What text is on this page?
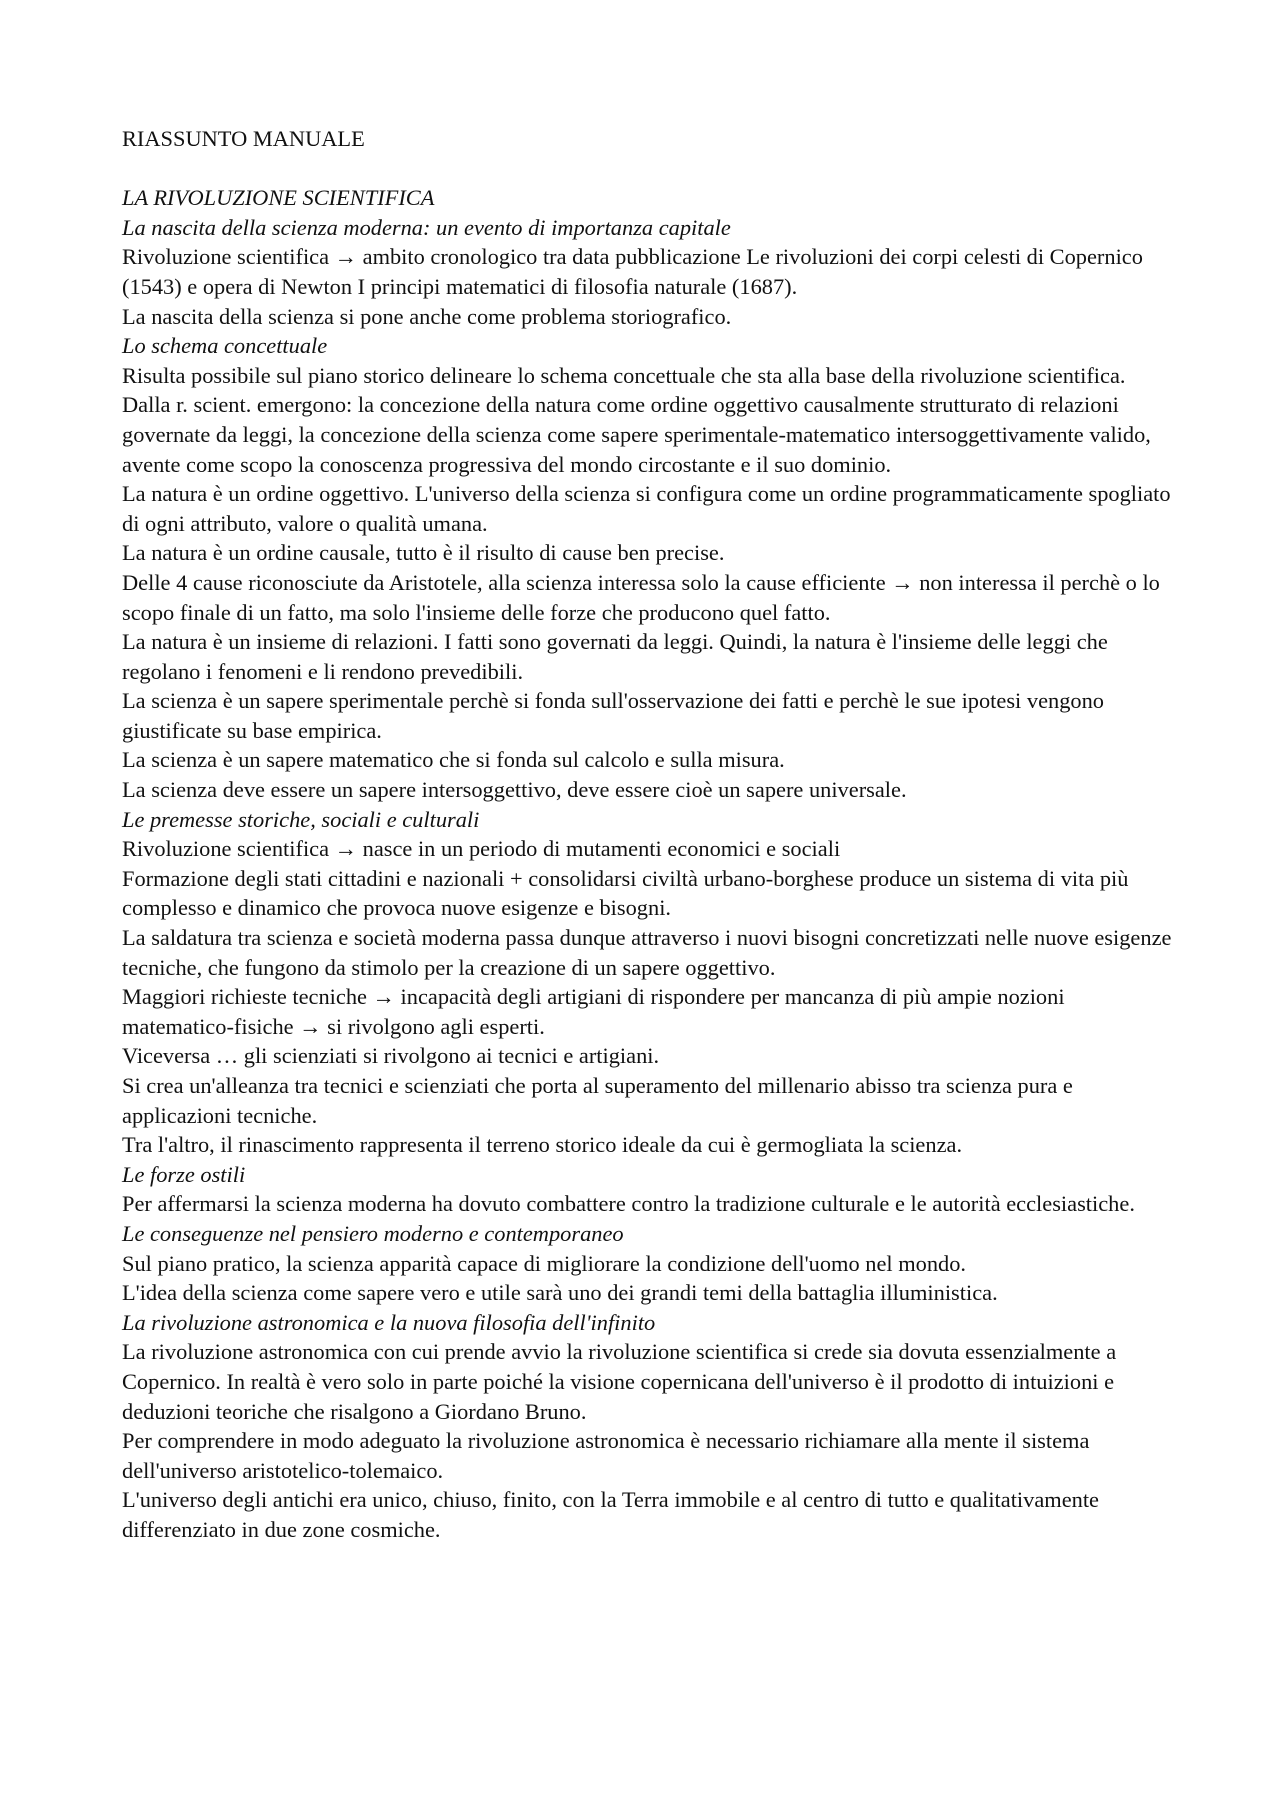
RIASSUNTO MANUALE
LA RIVOLUZIONE SCIENTIFICA
La nascita della scienza moderna: un evento di importanza capitale

Rivoluzione scientifica → ambito cronologico tra data pubblicazione Le rivoluzioni dei corpi celesti di Copernico (1543) e opera di Newton I principi matematici di filosofia naturale (1687).

La nascita della scienza si pone anche come problema storiografico.

Lo schema concettuale

Risulta possibile sul piano storico delineare lo schema concettuale che sta alla base della rivoluzione scientifica.

Dalla r. scient. emergono: la concezione della natura come ordine oggettivo causalmente strutturato di relazioni governate da leggi, la concezione della scienza come sapere sperimentale-matematico intersoggettivamente valido, avente come scopo la conoscenza progressiva del mondo circostante e il suo dominio.

La natura è un ordine oggettivo. L'universo della scienza si configura come un ordine programmaticamente spogliato di ogni attributo, valore o qualità umana.

La natura è un ordine causale, tutto è il risulto di cause ben precise.

Delle 4 cause riconosciute da Aristotele, alla scienza interessa solo la cause efficiente → non interessa il perchè o lo scopo finale di un fatto, ma solo l'insieme delle forze che producono quel fatto.

La natura è un insieme di relazioni. I fatti sono governati da leggi. Quindi, la natura è l'insieme delle leggi che regolano i fenomeni e li rendono prevedibili.

La scienza è un sapere sperimentale perchè si fonda sull'osservazione dei fatti e perchè le sue ipotesi vengono giustificate su base empirica.

La scienza è un sapere matematico che si fonda sul calcolo e sulla misura.

La scienza deve essere un sapere intersoggettivo, deve essere cioè un sapere universale.

Le premesse storiche, sociali e culturali

Rivoluzione scientifica → nasce in un periodo di mutamenti economici e sociali

Formazione degli stati cittadini e nazionali + consolidarsi civiltà urbano-borghese produce un sistema di vita più complesso e dinamico che provoca nuove esigenze e bisogni.

La saldatura tra scienza e società moderna passa dunque attraverso i nuovi bisogni concretizzati nelle nuove esigenze tecniche, che fungono da stimolo per la creazione di un sapere oggettivo.

Maggiori richieste tecniche → incapacità degli artigiani di rispondere per mancanza di più ampie nozioni matematico-fisiche → si rivolgono agli esperti.

Viceversa … gli scienziati si rivolgono ai tecnici e artigiani.

Si crea un'alleanza tra tecnici e scienziati che porta al superamento del millenario abisso tra scienza pura e applicazioni tecniche.

Tra l'altro, il rinascimento rappresenta il terreno storico ideale da cui è germogliata la scienza.

Le forze ostili

Per affermarsi la scienza moderna ha dovuto combattere contro la tradizione culturale e le autorità ecclesiastiche.

Le conseguenze nel pensiero moderno e contemporaneo

Sul piano pratico, la scienza apparità capace di migliorare la condizione dell'uomo nel mondo.

L'idea della scienza come sapere vero e utile sarà uno dei grandi temi della battaglia illuministica.

La rivoluzione astronomica e la nuova filosofia dell'infinito

La rivoluzione astronomica con cui prende avvio la rivoluzione scientifica si crede sia dovuta essenzialmente a Copernico. In realtà è vero solo in parte poiché la visione copernicana dell'universo è il prodotto di intuizioni e deduzioni teoriche che risalgono a Giordano Bruno.

Per comprendere in modo adeguato la rivoluzione astronomica è necessario richiamare alla mente il sistema dell'universo aristotelico-tolemaico.

L'universo degli antichi era unico, chiuso, finito, con la Terra immobile e al centro di tutto e qualitativamente differenziato in due zone cosmiche.
